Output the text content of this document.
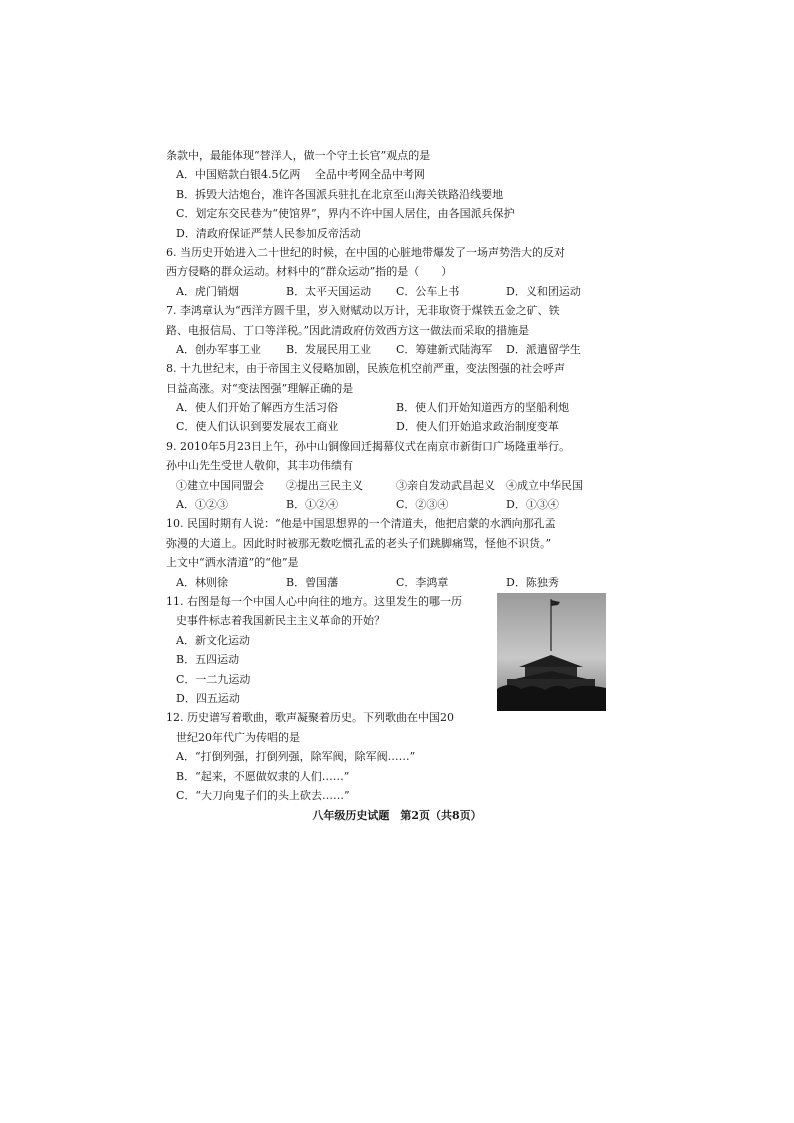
条款中，最能体现“替洋人，做一个守土长官”观点的是
A．中国赔款白银4.5亿两　 全品中考网全品中考网
B．拆毁大沽炮台，准许各国派兵驻扎在北京至山海关铁路沿线要地
C．划定东交民巷为“使馆界”，界内不许中国人居住，由各国派兵保护
D．清政府保证严禁人民参加反帝活动
6. 当历史开始进入二十世纪的时候，在中国的心脏地带爆发了一场声势浩大的反对
西方侵略的群众运动。材料中的“群众运动”指的是（　　）
A．虎门销烟	B．太平天国运动	C．公车上书	D．义和团运动
7. 李鸿章认为“西洋方圆千里，岁入财赋动以万计，无非取资于煤铁五金之矿、铁
路、电报信局、丁口等洋税。”因此清政府仿效西方这一做法而采取的措施是
A．创办军事工业	B．发展民用工业	C．筹建新式陆海军	D．派遣留学生
8. 十九世纪末，由于帝国主义侵略加剧，民族危机空前严重，变法图强的社会呼声
日益高涨。对“变法图强”理解正确的是
A．使人们开始了解西方生活习俗	B．使人们开始知道西方的坚船利炮
C．使人们认识到要发展农工商业	D．使人们开始追求政治制度变革
9. 2010年5月23日上午，孙中山铜像回迁揭幕仪式在南京市新街口广场隆重举行。
孙中山先生受世人敬仰，其丰功伟绩有
①建立中国同盟会	②提出三民主义	③亲自发动武昌起义	④成立中华民国
A．①②③	B．①②④	C．②③④	D．①③④
10. 民国时期有人说：“他是中国思想界的一个清道夫，他把启蒙的水洒向那孔孟
弥漫的大道上。因此时时被那无数吃惯孔孟的老头子们跳脚痛骂，怪他不识货。”
上文中“洒水清道”的“他”是
A．林则徐	B．曾国藩	C．李鸿章	D．陈独秀
11. 右图是每一个中国人心中向往的地方。这里发生的哪一历
史事件标志着我国新民主主义革命的开始？
A．新文化运动
B．五四运动
C．一二九运动
D．四五运动
12. 历史谱写着歌曲，歌声凝聚着历史。下列歌曲在中国20
世纪20年代广为传唱的是
A．“打倒列强，打倒列强，除军阀，除军阀……”
B．“起来，不愿做奴隶的人们……”
C．“大刀向鬼子们的头上砍去……”
八年级历史试题　第2页（共8页）
